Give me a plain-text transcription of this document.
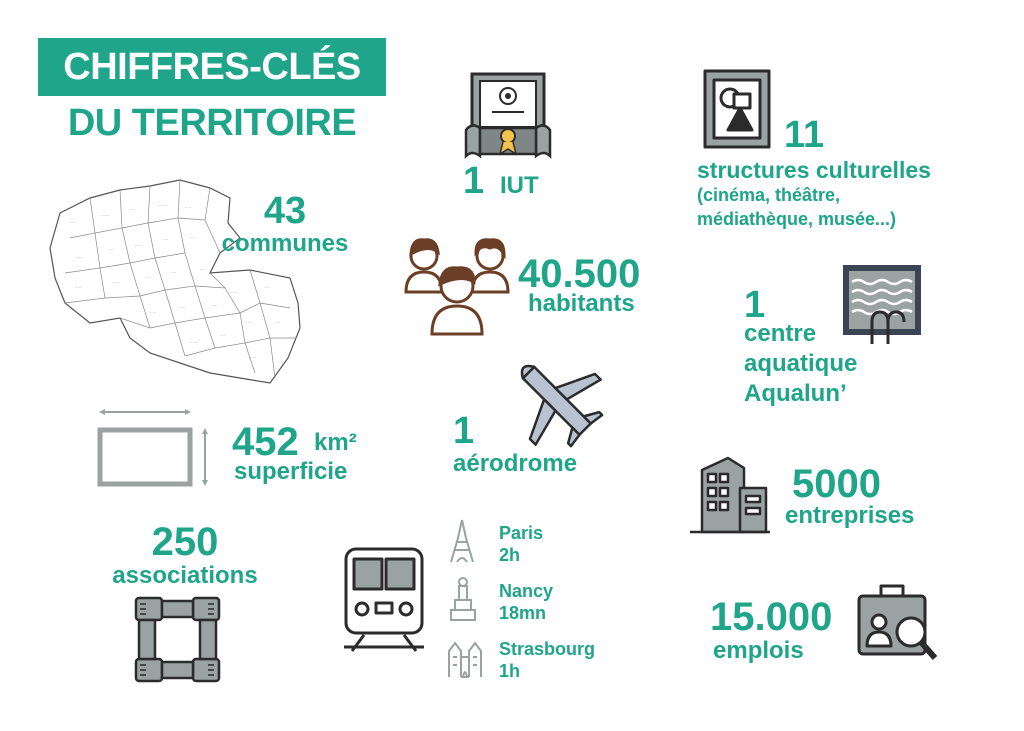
CHIFFRES-CLÉS
DU TERRITOIRE
.....
......
....
.......	.....
......
....
......
.....	....
.....
......
....
.....
....
......
....
.....
....	......
.....	....
......
....
.....
....
43
communes
452 km²
superficie
250
associations
1 IUT
40.500
habitants
1
aérodrome
Paris
2h
Nancy
18mn
Strasbourg
1h
11
structures culturelles
(cinéma, théâtre,
médiathèque, musée...)
1
centre
aquatique
Aqualun’
5000
entreprises
15.000
emplois
